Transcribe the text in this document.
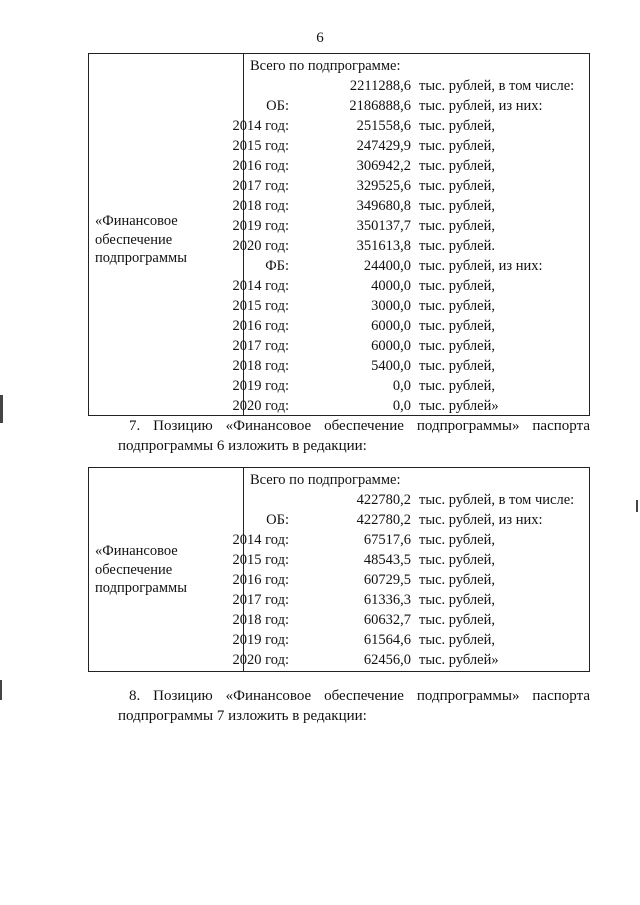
6
«Финансовое
обеспечение
подпрограммы
Всего по подпрограмме:
2211288,6 тыс. рублей, в том числе:
ОБ:	2186888,6 тыс. рублей, из них:
2014 год:	251558,6 тыс. рублей,
2015 год:	247429,9 тыс. рублей,
2016 год:	306942,2 тыс. рублей,
2017 год:	329525,6 тыс. рублей,
2018 год:	349680,8 тыс. рублей,
2019 год:	350137,7 тыс. рублей,
2020 год:	351613,8 тыс. рублей.
ФБ:	24400,0 тыс. рублей, из них:
2014 год:	4000,0 тыс. рублей,
2015 год:	3000,0 тыс. рублей,
2016 год:	6000,0 тыс. рублей,
2017 год:	6000,0 тыс. рублей,
2018 год:	5400,0 тыс. рублей,
2019 год:	0,0 тыс. рублей,
2020 год:	0,0 тыс. рублей»
7. Позицию «Финансовое обеспечение подпрограммы» паспорта
подпрограммы 6 изложить в редакции:
«Финансовое
обеспечение
подпрограммы
Всего по подпрограмме:
422780,2 тыс. рублей, в том числе:
ОБ:	422780,2 тыс. рублей, из них:
2014 год:	67517,6 тыс. рублей,
2015 год:	48543,5 тыс. рублей,
2016 год:	60729,5 тыс. рублей,
2017 год:	61336,3 тыс. рублей,
2018 год:	60632,7 тыс. рублей,
2019 год:	61564,6 тыс. рублей,
2020 год:	62456,0 тыс. рублей»
8. Позицию «Финансовое обеспечение подпрограммы» паспорта
подпрограммы 7 изложить в редакции:
